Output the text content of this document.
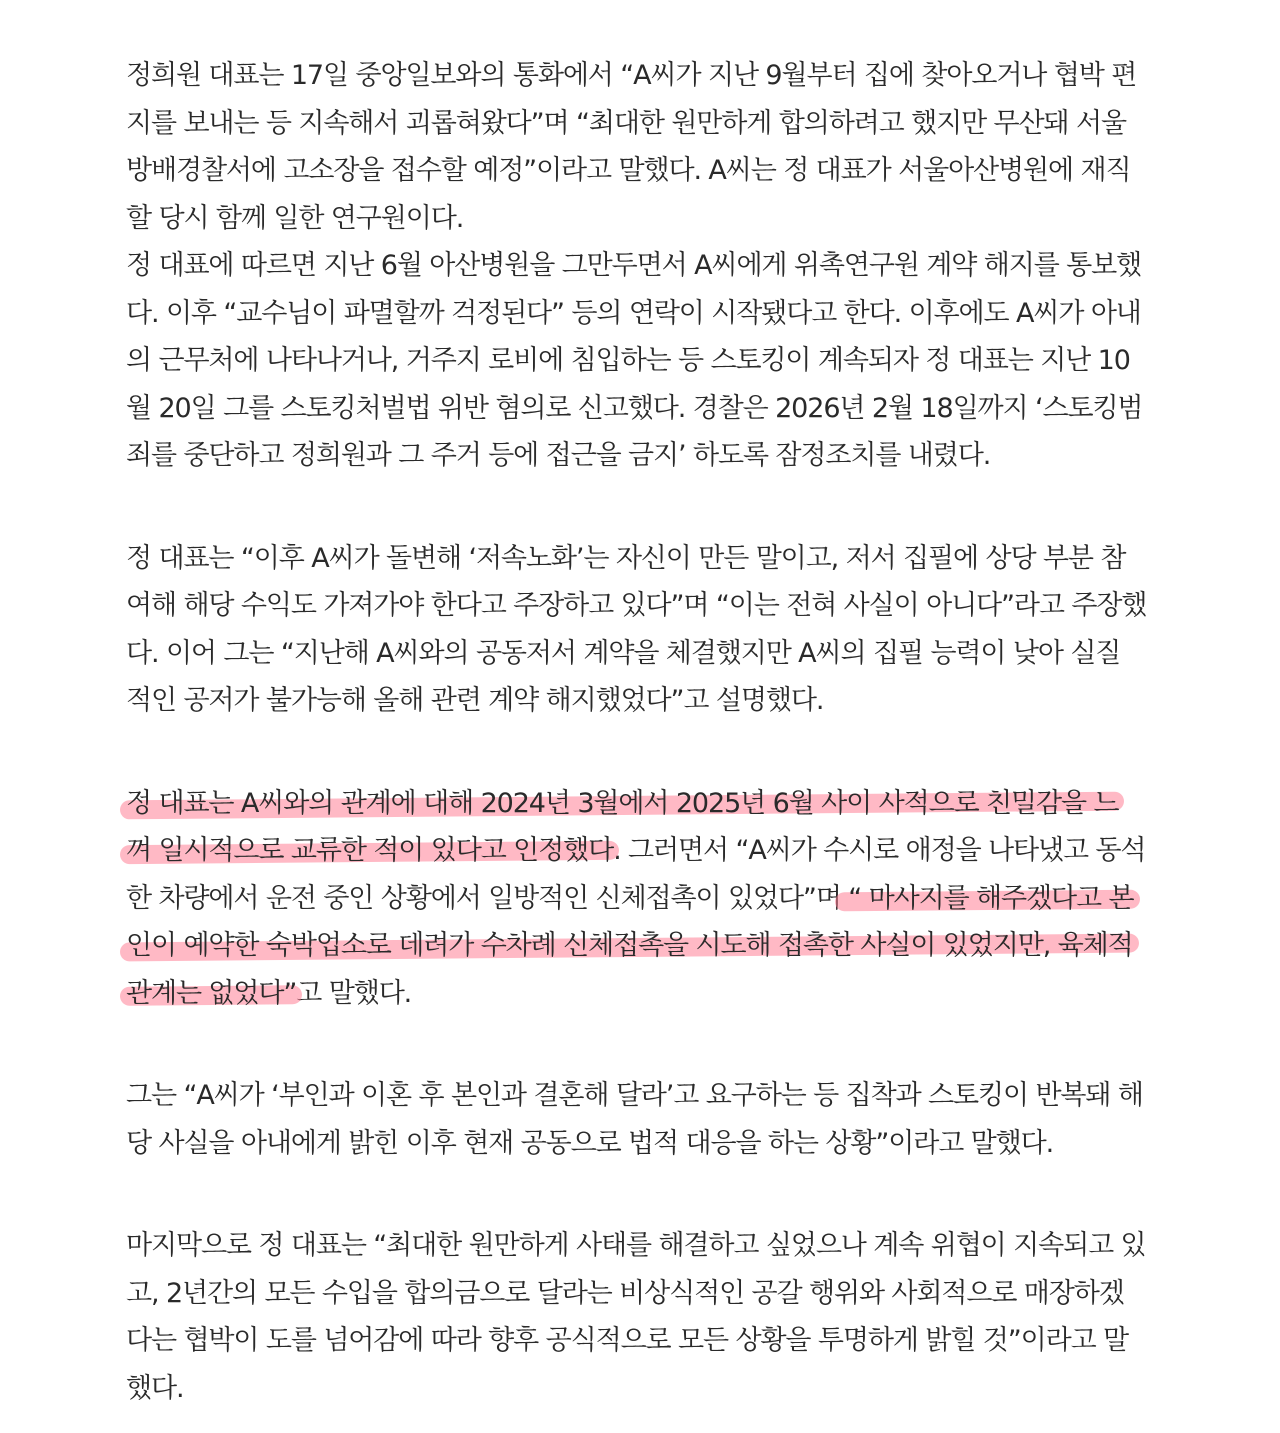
정희원 대표는 17일 중앙일보와의 통화에서 “A씨가 지난 9월부터 집에 찾아오거나 협박 편
지를 보내는 등 지속해서 괴롭혀왔다”며 “최대한 원만하게 합의하려고 했지만 무산돼 서울
방배경찰서에 고소장을 접수할 예정”이라고 말했다. A씨는 정 대표가 서울아산병원에 재직
할 당시 함께 일한 연구원이다.
정 대표에 따르면 지난 6월 아산병원을 그만두면서 A씨에게 위촉연구원 계약 해지를 통보했
다. 이후 “교수님이 파멸할까 걱정된다” 등의 연락이 시작됐다고 한다. 이후에도 A씨가 아내
의 근무처에 나타나거나, 거주지 로비에 침입하는 등 스토킹이 계속되자 정 대표는 지난 10
월 20일 그를 스토킹처벌법 위반 혐의로 신고했다. 경찰은 2026년 2월 18일까지 ‘스토킹범
죄를 중단하고 정희원과 그 주거 등에 접근을 금지’ 하도록 잠정조치를 내렸다.
정 대표는 “이후 A씨가 돌변해 ‘저속노화’는 자신이 만든 말이고, 저서 집필에 상당 부분 참
여해 해당 수익도 가져가야 한다고 주장하고 있다”며 “이는 전혀 사실이 아니다”라고 주장했
다. 이어 그는 “지난해 A씨와의 공동저서 계약을 체결했지만 A씨의 집필 능력이 낮아 실질
적인 공저가 불가능해 올해 관련 계약 해지했었다”고 설명했다.
정 대표는 A씨와의 관계에 대해 2024년 3월에서 2025년 6월 사이 사적으로 친밀감을 느
껴 일시적으로 교류한 적이 있다고 인정했다. 그러면서 “A씨가 수시로 애정을 나타냈고 동석
한 차량에서 운전 중인 상황에서 일방적인 신체접촉이 있었다”며 “ 마사지를 해주겠다고 본
인이 예약한 숙박업소로 데려가 수차례 신체접촉을 시도해 접촉한 사실이 있었지만, 육체적
관계는 없었다”고 말했다.
그는 “A씨가 ‘부인과 이혼 후 본인과 결혼해 달라’고 요구하는 등 집착과 스토킹이 반복돼 해
당 사실을 아내에게 밝힌 이후 현재 공동으로 법적 대응을 하는 상황”이라고 말했다.
마지막으로 정 대표는 “최대한 원만하게 사태를 해결하고 싶었으나 계속 위협이 지속되고 있
고, 2년간의 모든 수입을 합의금으로 달라는 비상식적인 공갈 행위와 사회적으로 매장하겠
다는 협박이 도를 넘어감에 따라 향후 공식적으로 모든 상황을 투명하게 밝힐 것”이라고 말
했다.
